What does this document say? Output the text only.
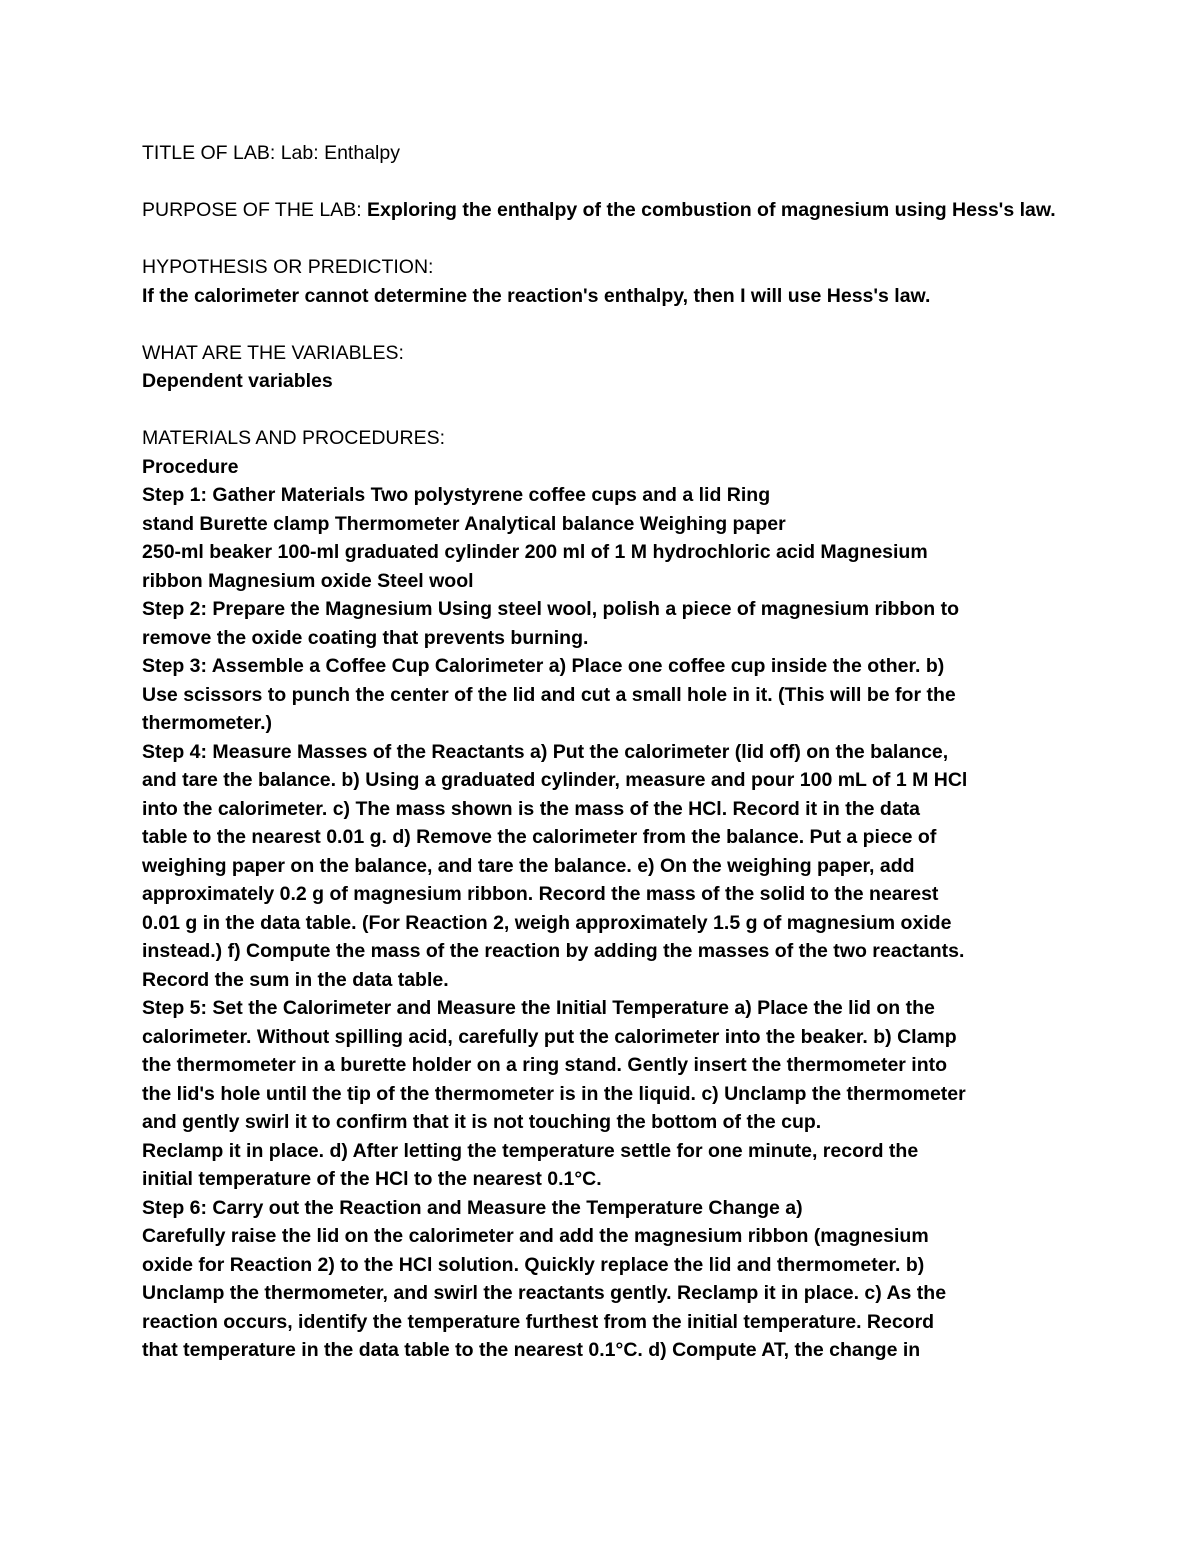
TITLE OF LAB: Lab: Enthalpy
PURPOSE OF THE LAB: Exploring the enthalpy of the combustion of magnesium using Hess's law.
HYPOTHESIS OR PREDICTION:
If the calorimeter cannot determine the reaction's enthalpy, then I will use Hess's law.
WHAT ARE THE VARIABLES:
Dependent variables
MATERIALS AND PROCEDURES:
Procedure
Step 1: Gather Materials Two polystyrene coffee cups and a lid Ring
stand Burette clamp Thermometer Analytical balance Weighing paper
250-ml beaker 100-ml graduated cylinder 200 ml of 1 M hydrochloric acid Magnesium
ribbon Magnesium oxide Steel wool
Step 2: Prepare the Magnesium Using steel wool, polish a piece of magnesium ribbon to
remove the oxide coating that prevents burning.
Step 3: Assemble a Coffee Cup Calorimeter a) Place one coffee cup inside the other. b)
Use scissors to punch the center of the lid and cut a small hole in it. (This will be for the
thermometer.)
Step 4: Measure Masses of the Reactants a) Put the calorimeter (lid off) on the balance,
and tare the balance. b) Using a graduated cylinder, measure and pour 100 mL of 1 M HCl
into the calorimeter. c) The mass shown is the mass of the HCl. Record it in the data
table to the nearest 0.01 g. d) Remove the calorimeter from the balance. Put a piece of
weighing paper on the balance, and tare the balance. e) On the weighing paper, add
approximately 0.2 g of magnesium ribbon. Record the mass of the solid to the nearest
0.01 g in the data table. (For Reaction 2, weigh approximately 1.5 g of magnesium oxide
instead.) f) Compute the mass of the reaction by adding the masses of the two reactants.
Record the sum in the data table.
Step 5: Set the Calorimeter and Measure the Initial Temperature a) Place the lid on the
calorimeter. Without spilling acid, carefully put the calorimeter into the beaker. b) Clamp
the thermometer in a burette holder on a ring stand. Gently insert the thermometer into
the lid's hole until the tip of the thermometer is in the liquid. c) Unclamp the thermometer
and gently swirl it to confirm that it is not touching the bottom of the cup.
Reclamp it in place. d) After letting the temperature settle for one minute, record the
initial temperature of the HCl to the nearest 0.1°C.
Step 6: Carry out the Reaction and Measure the Temperature Change a)
Carefully raise the lid on the calorimeter and add the magnesium ribbon (magnesium
oxide for Reaction 2) to the HCl solution. Quickly replace the lid and thermometer. b)
Unclamp the thermometer, and swirl the reactants gently. Reclamp it in place. c) As the
reaction occurs, identify the temperature furthest from the initial temperature. Record
that temperature in the data table to the nearest 0.1°C. d) Compute AT, the change in
